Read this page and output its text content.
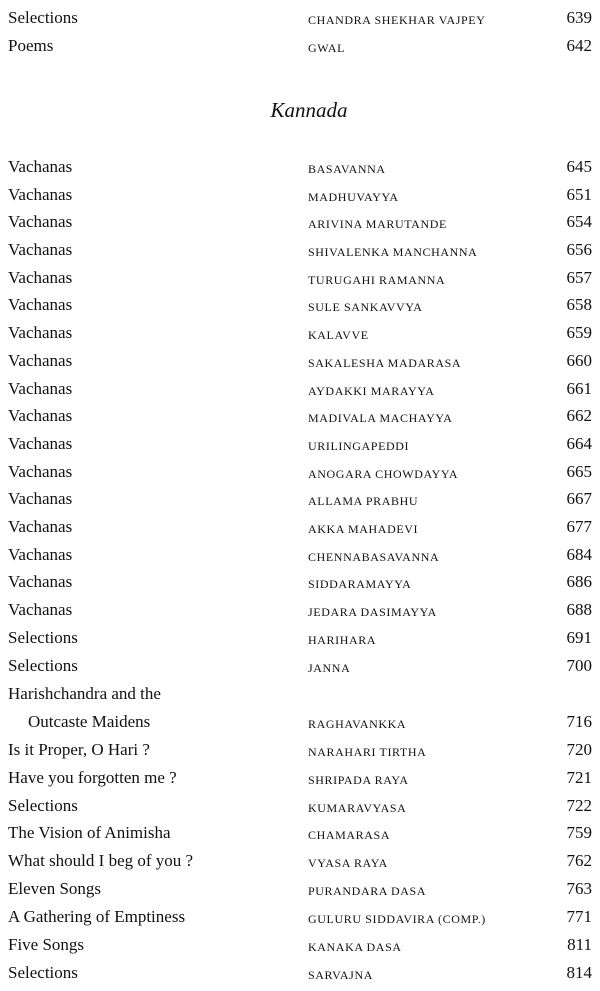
Selections	CHANDRA SHEKHAR VAJPEY	639
Poems	GWAL	642
Kannada
Vachanas	BASAVANNA	645
Vachanas	MADHUVAYYA	651
Vachanas	ARIVINA MARUTANDE	654
Vachanas	SHIVALENKA MANCHANNA	656
Vachanas	TURUGAHI RAMANNA	657
Vachanas	SULE SANKAVVYA	658
Vachanas	KALAVVE	659
Vachanas	SAKALESHA MADARASA	660
Vachanas	AYDAKKI MARAYYA	661
Vachanas	MADIVALA MACHAYYA	662
Vachanas	URILINGAPEDDI	664
Vachanas	ANOGARA CHOWDAYYA	665
Vachanas	ALLAMA PRABHU	667
Vachanas	AKKA MAHADEVI	677
Vachanas	CHENNABASAVANNA	684
Vachanas	SIDDARAMAYYA	686
Vachanas	JEDARA DASIMAYYA	688
Selections	HARIHARA	691
Selections	JANNA	700
Harishchandra and the
Outcaste Maidens	RAGHAVANKKA	716
Is it Proper, O Hari ?	NARAHARI TIRTHA	720
Have you forgotten me ?	SHRIPADA RAYA	721
Selections	KUMARAVYASA	722
The Vision of Animisha	CHAMARASA	759
What should I beg of you ?	VYASA RAYA	762
Eleven Songs	PURANDARA DASA	763
A Gathering of Emptiness	GULURU SIDDAVIRA (COMP.)	771
Five Songs	KANAKA DASA	811
Selections	SARVAJNA	814
